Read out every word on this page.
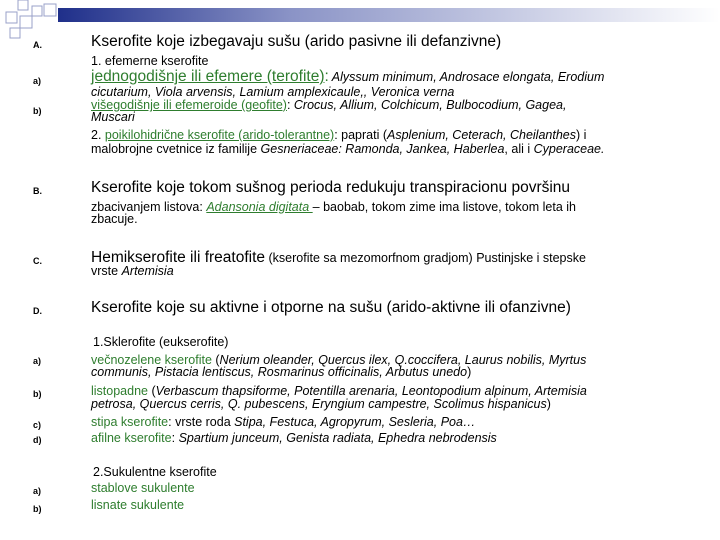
A.	Kserofite koje izbegavaju sušu (arido pasivne ili defanzivne)
1. efemerne kserofite
a)	jednogodišnje ili efemere (terofite): Alyssum minimum, Androsace elongata, Erodium
cicutarium, Viola arvensis, Lamium amplexicaule,, Veronica verna
b)	višegodišnje ili efemeroide (geofite): Crocus, Allium, Colchicum, Bulbocodium, Gagea,
Muscari
2. poikilohidrične kserofite (arido-tolerantne): paprati (Asplenium, Ceterach, Cheilanthes) i
malobrojne cvetnice iz familije Gesneriaceae: Ramonda, Jankea, Haberlea, ali i Cyperaceae.
B.	Kserofite koje tokom sušnog perioda redukuju transpiracionu površinu
zbacivanjem listova: Adansonia digitata – baobab, tokom zime ima listove, tokom leta ih
zbacuje.
C.	Hemikserofite ili freatofite (kserofite sa mezomorfnom gradjom) Pustinjske i stepske
vrste Artemisia
D.	Kserofite koje su aktivne i otporne na sušu (arido-aktivne ili ofanzivne)
1.Sklerofite (eukserofite)
a)	večnozelene kserofite (Nerium oleander, Quercus ilex, Q.coccifera, Laurus nobilis, Myrtus
communis, Pistacia lentiscus, Rosmarinus officinalis, Arbutus unedo)
b)	listopadne (Verbascum thapsiforme, Potentilla arenaria, Leontopodium alpinum, Artemisia
petrosa, Quercus cerris, Q. pubescens, Eryngium campestre, Scolimus hispanicus)
c)	stipa kserofite: vrste roda Stipa, Festuca, Agropyrum, Sesleria, Poa…
d)	afilne kserofite: Spartium junceum, Genista radiata, Ephedra nebrodensis
2.Sukulentne kserofite
a)	stablove sukulente
b)	lisnate sukulente
